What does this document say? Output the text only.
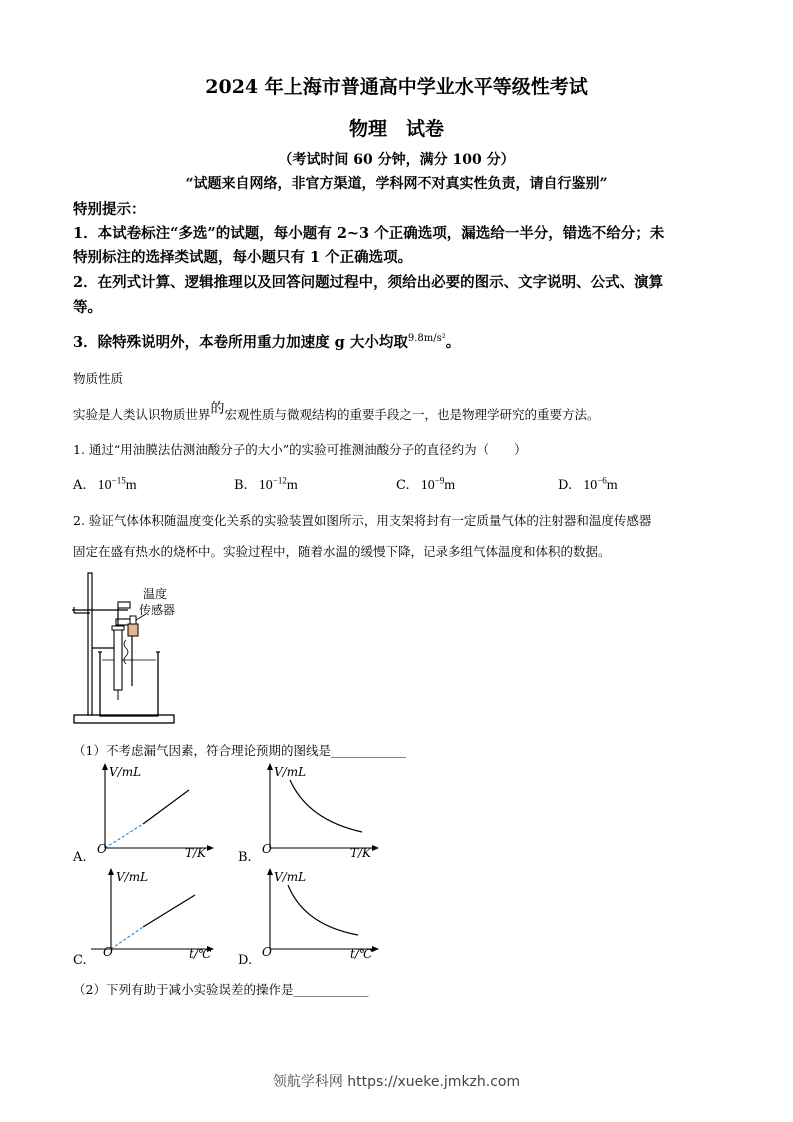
2024 年上海市普通高中学业水平等级性考试
物理　试卷
（考试时间 60 分钟，满分 100 分）
“试题来自网络，非官方渠道，学科网不对真实性负责，请自行鉴别”
特别提示：
1．本试卷标注“多选”的试题，每小题有 2~3 个正确选项，漏选给一半分，错选不给分；未
特别标注的选择类试题，每小题只有 1 个正确选项。
2．在列式计算、逻辑推理以及回答问题过程中，须给出必要的图示、文字说明、公式、演算
等。
3．除特殊说明外，本卷所用重力加速度 g 大小均取$^{9.8m/s^2}$。
物质性质
实验是人类认识物质世界的宏观性质与微观结构的重要手段之一，也是物理学研究的重要方法。
1. 通过“用油膜法估测油酸分子的大小”的实验可推测油酸分子的直径约为（　　）
A. $10^{-15}m$	B. $10^{-12}m$	C. $10^{-9}m$	D. $10^{-6}m$
2. 验证气体体积随温度变化关系的实验装置如图所示，用支架将封有一定质量气体的注射器和温度传感器
固定在盛有热水的烧杯中。实验过程中，随着水温的缓慢下降，记录多组气体温度和体积的数据。
温度
传感器
（1）不考虑漏气因素，符合理论预期的图线是____________
A.
O
V/mL
T/K B.
O
V/mL
T/K
C.
O
V/mL
t/℃ D.
O
V/mL
t/℃
（2）下列有助于减小实验误差的操作是____________
领航学科网 https://xueke.jmkzh.com
